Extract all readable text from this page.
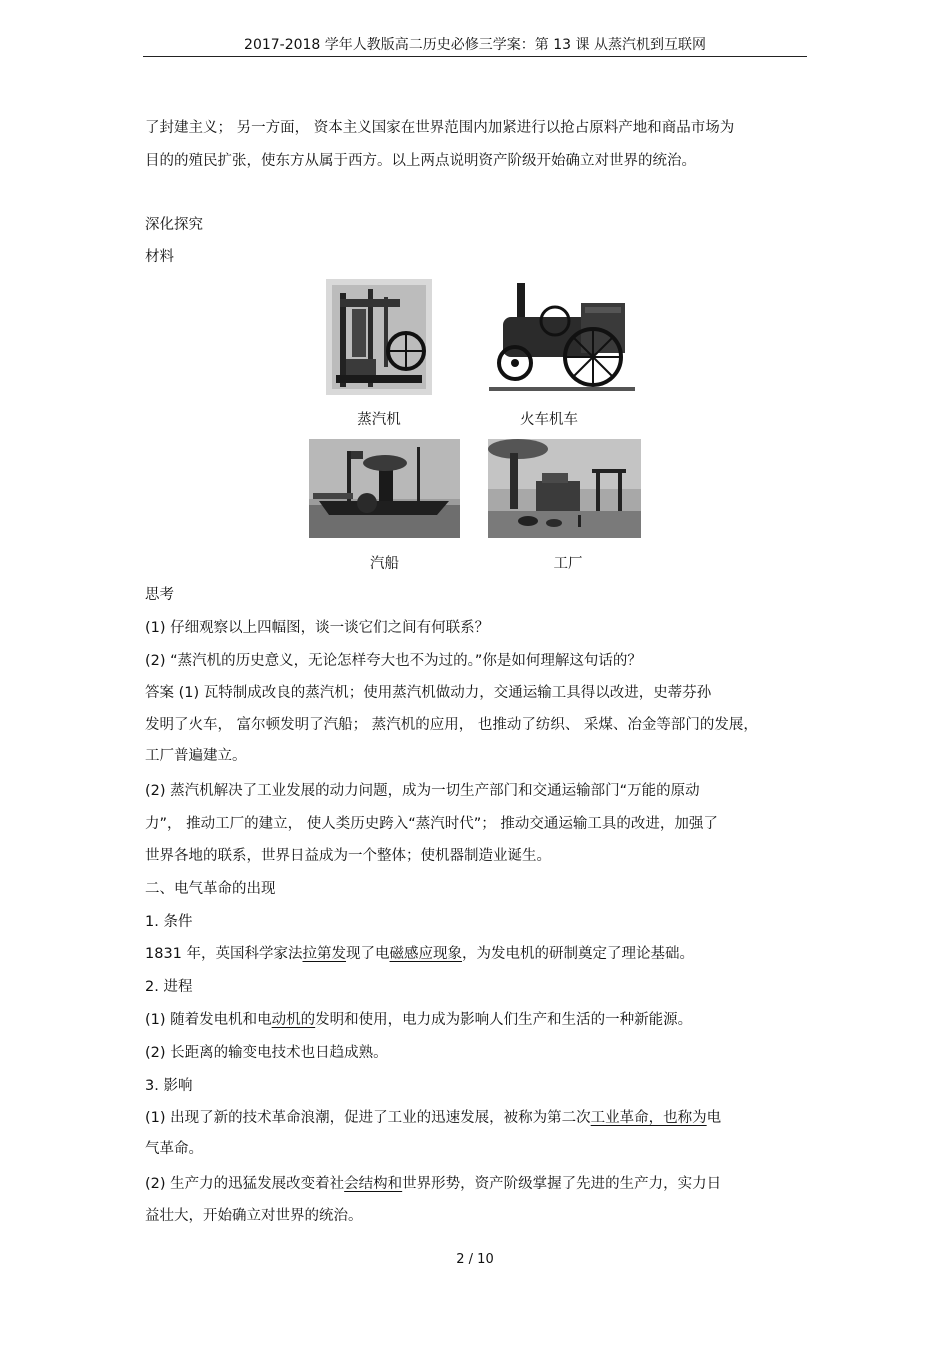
2017-2018 学年人教版高二历史必修三学案：第 13 课 从蒸汽机到互联网
了封建主义； 另一方面， 资本主义国家在世界范围内加紧进行以抢占原料产地和商品市场为
目的的殖民扩张，使东方从属于西方。以上两点说明资产阶级开始确立对世界的统治。
深化探究
材料
蒸汽机	火车机车
汽船	工厂
思考
(1) 仔细观察以上四幅图，谈一谈它们之间有何联系？
(2) “蒸汽机的历史意义，无论怎样夸大也不为过的。”你是如何理解这句话的？
答案 (1) 瓦特制成改良的蒸汽机；使用蒸汽机做动力，交通运输工具得以改进，史蒂芬孙
发明了火车， 富尔顿发明了汽船； 蒸汽机的应用， 也推动了纺织、 采煤、冶金等部门的发展，
工厂普遍建立。
(2) 蒸汽机解决了工业发展的动力问题，成为一切生产部门和交通运输部门“万能的原动
力”， 推动工厂的建立， 使人类历史跨入“蒸汽时代”； 推动交通运输工具的改进，加强了
世界各地的联系，世界日益成为一个整体；使机器制造业诞生。
二、电气革命的出现
1. 条件
1831 年，英国科学家法拉第发现了电磁感应现象，为发电机的研制奠定了理论基础。
2. 进程
(1) 随着发电机和电动机的发明和使用，电力成为影响人们生产和生活的一种新能源。
(2) 长距离的输变电技术也日趋成熟。
3. 影响
(1) 出现了新的技术革命浪潮，促进了工业的迅速发展，被称为第二次工业革命，也称为电
气革命。
(2) 生产力的迅猛发展改变着社会结构和世界形势，资产阶级掌握了先进的生产力，实力日
益壮大，开始确立对世界的统治。
2 / 10
